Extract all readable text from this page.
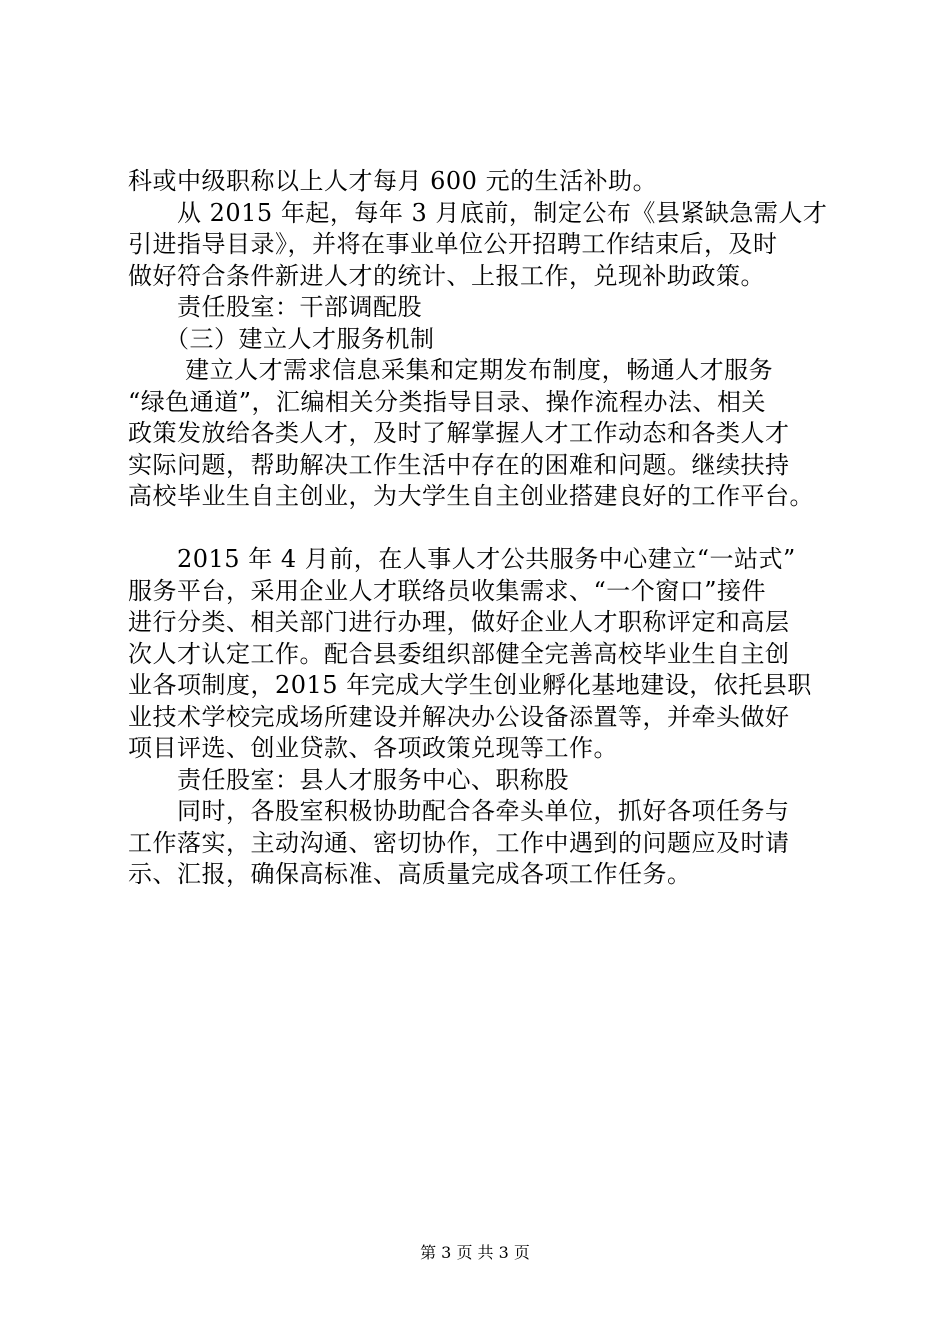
科或中级职称以上人才每月 600 元的生活补助。
　　从 2015 年起，每年 3 月底前，制定公布《县紧缺急需人才
引进指导目录》，并将在事业单位公开招聘工作结束后，及时
做好符合条件新进人才的统计、上报工作，兑现补助政策。
　　责任股室：干部调配股
　　（三）建立人才服务机制
　　 建立人才需求信息采集和定期发布制度，畅通人才服务
“绿色通道”，汇编相关分类指导目录、操作流程办法、相关
政策发放给各类人才，及时了解掌握人才工作动态和各类人才
实际问题，帮助解决工作生活中存在的困难和问题。继续扶持
高校毕业生自主创业，为大学生自主创业搭建良好的工作平台。
　　2015 年 4 月前，在人事人才公共服务中心建立“一站式”
服务平台，采用企业人才联络员收集需求、“一个窗口”接件
进行分类、相关部门进行办理，做好企业人才职称评定和高层
次人才认定工作。配合县委组织部健全完善高校毕业生自主创
业各项制度，2015 年完成大学生创业孵化基地建设，依托县职
业技术学校完成场所建设并解决办公设备添置等，并牵头做好
项目评选、创业贷款、各项政策兑现等工作。
　　责任股室：县人才服务中心、职称股
　　同时，各股室积极协助配合各牵头单位，抓好各项任务与
工作落实，主动沟通、密切协作，工作中遇到的问题应及时请
示、汇报，确保高标准、高质量完成各项工作任务。
第 3 页 共 3 页
